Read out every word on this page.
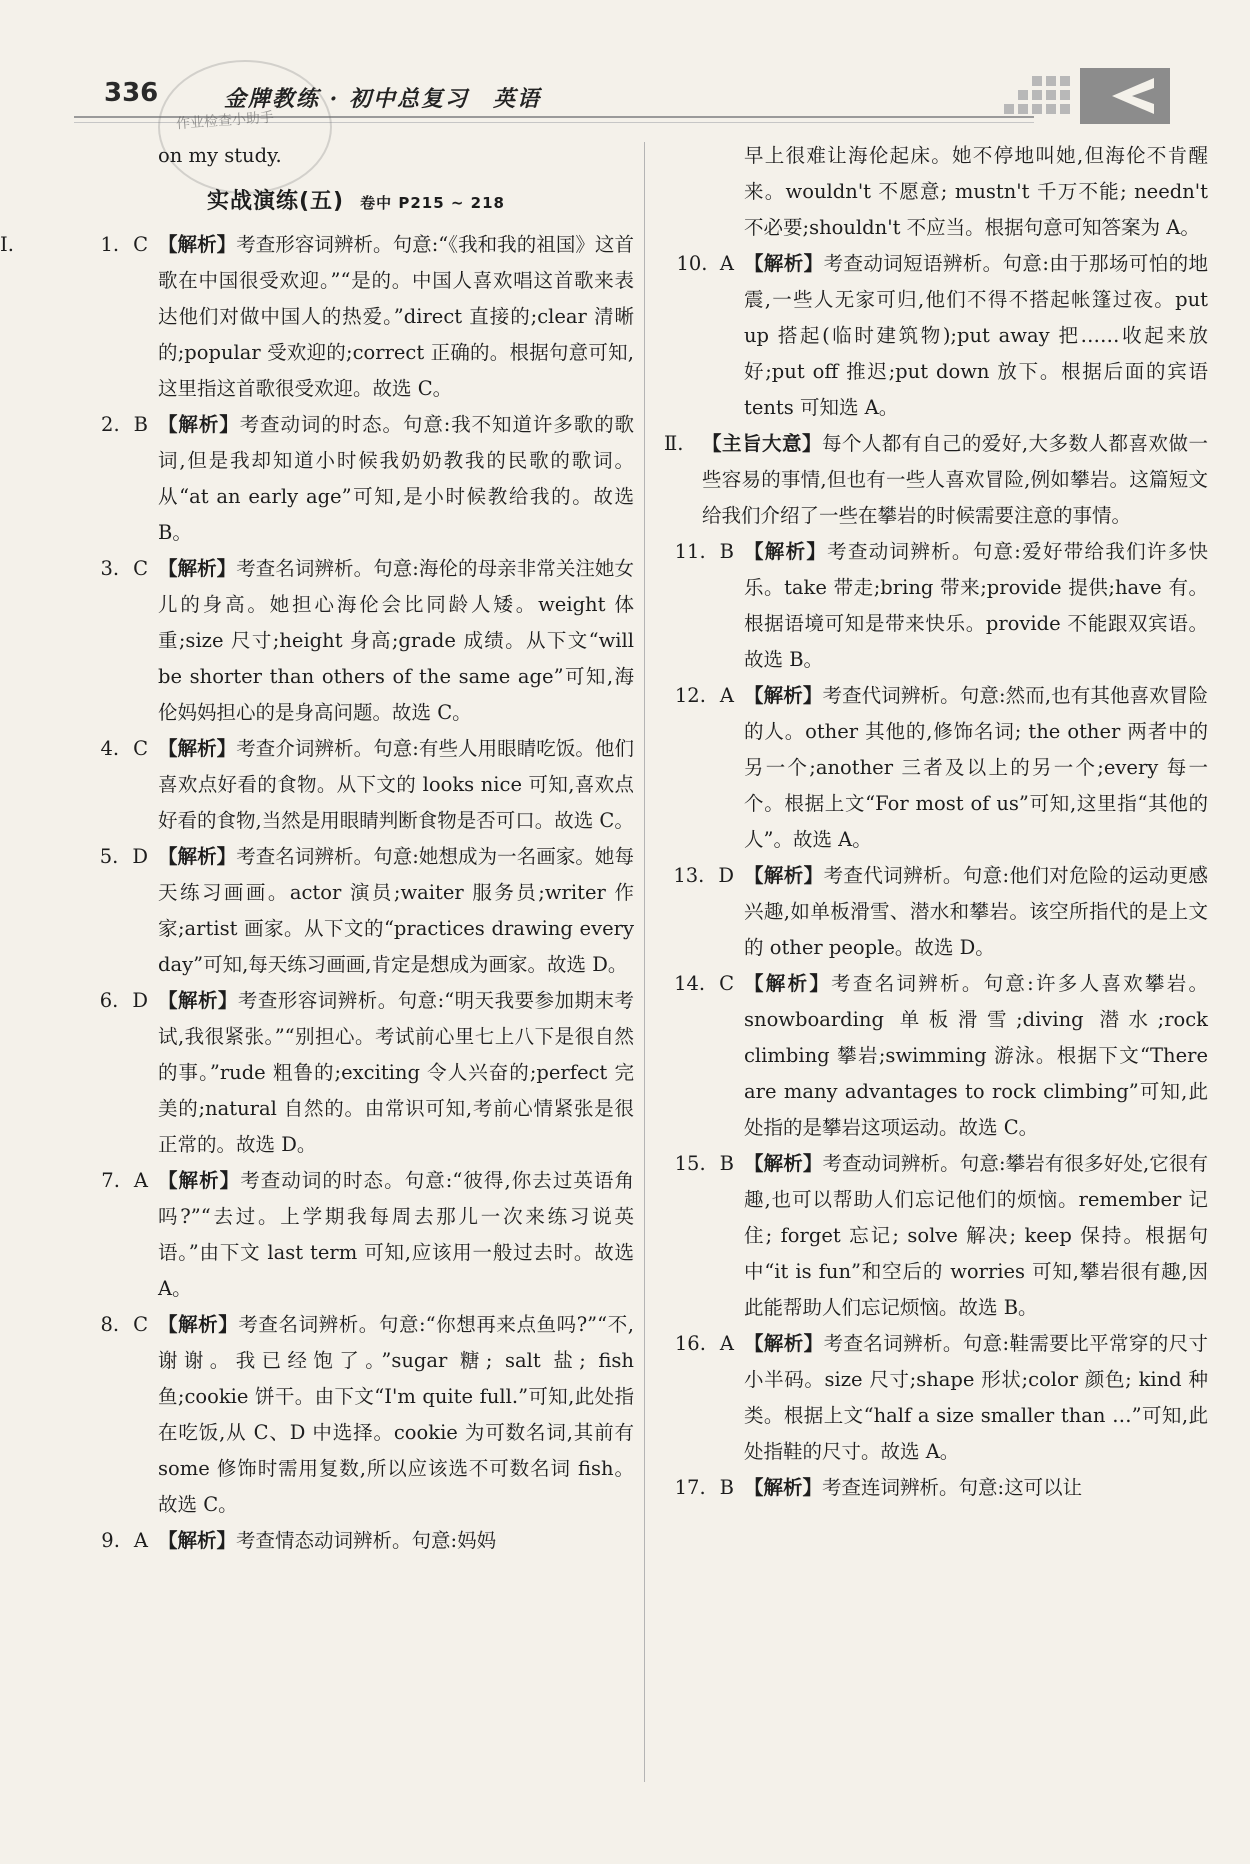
336	金牌教练 · 初中总复习　英语
作业检查小助手
on my study.
实战演练(五) 卷中 P215 ~ 218
Ⅰ.	1. C 【解析】考查形容词辨析。句意:“《我和我的祖国》这首歌在中国很受欢迎。”“是的。中国人喜欢唱这首歌来表达他们对做中国人的热爱。”direct 直接的;clear 清晰的;popular 受欢迎的;correct 正确的。根据句意可知,这里指这首歌很受欢迎。故选 C。
2. B 【解析】考查动词的时态。句意:我不知道许多歌的歌词,但是我却知道小时候我奶奶教我的民歌的歌词。从“at an early age”可知,是小时候教给我的。故选 B。
3. C 【解析】考查名词辨析。句意:海伦的母亲非常关注她女儿的身高。她担心海伦会比同龄人矮。weight 体重;size 尺寸;height 身高;grade 成绩。从下文“will be shorter than others of the same age”可知,海伦妈妈担心的是身高问题。故选 C。
4. C 【解析】考查介词辨析。句意:有些人用眼睛吃饭。他们喜欢点好看的食物。从下文的 looks nice 可知,喜欢点好看的食物,当然是用眼睛判断食物是否可口。故选 C。
5. D 【解析】考查名词辨析。句意:她想成为一名画家。她每天练习画画。actor 演员;waiter 服务员;writer 作家;artist 画家。从下文的“practices drawing every day”可知,每天练习画画,肯定是想成为画家。故选 D。
6. D 【解析】考查形容词辨析。句意:“明天我要参加期末考试,我很紧张。”“别担心。考试前心里七上八下是很自然的事。”rude 粗鲁的;exciting 令人兴奋的;perfect 完美的;natural 自然的。由常识可知,考前心情紧张是很正常的。故选 D。
7. A 【解析】考查动词的时态。句意:“彼得,你去过英语角吗?”“去过。上学期我每周去那儿一次来练习说英语。”由下文 last term 可知,应该用一般过去时。故选 A。
8. C 【解析】考查名词辨析。句意:“你想再来点鱼吗?”“不,谢谢。我已经饱了。”sugar 糖; salt 盐; fish 鱼;cookie 饼干。由下文“I'm quite full.”可知,此处指在吃饭,从 C、D 中选择。cookie 为可数名词,其前有 some 修饰时需用复数,所以应该选不可数名词 fish。故选 C。
9. A 【解析】考查情态动词辨析。句意:妈妈
早上很难让海伦起床。她不停地叫她,但海伦不肯醒来。wouldn't 不愿意; mustn't 千万不能; needn't 不必要;shouldn't 不应当。根据句意可知答案为 A。
10. A 【解析】考查动词短语辨析。句意:由于那场可怕的地震,一些人无家可归,他们不得不搭起帐篷过夜。put up 搭起(临时建筑物);put away 把……收起来放好;put off 推迟;put down 放下。根据后面的宾语 tents 可知选 A。
Ⅱ. 【主旨大意】每个人都有自己的爱好,大多数人都喜欢做一些容易的事情,但也有一些人喜欢冒险,例如攀岩。这篇短文给我们介绍了一些在攀岩的时候需要注意的事情。
11. B 【解析】考查动词辨析。句意:爱好带给我们许多快乐。take 带走;bring 带来;provide 提供;have 有。根据语境可知是带来快乐。provide 不能跟双宾语。故选 B。
12. A 【解析】考查代词辨析。句意:然而,也有其他喜欢冒险的人。other 其他的,修饰名词; the other 两者中的另一个;another 三者及以上的另一个;every 每一个。根据上文“For most of us”可知,这里指“其他的人”。故选 A。
13. D 【解析】考查代词辨析。句意:他们对危险的运动更感兴趣,如单板滑雪、潜水和攀岩。该空所指代的是上文的 other people。故选 D。
14. C 【解析】考查名词辨析。句意:许多人喜欢攀岩。snowboarding 单板滑雪;diving 潜水;rock climbing 攀岩;swimming 游泳。根据下文“There are many advantages to rock climbing”可知,此处指的是攀岩这项运动。故选 C。
15. B 【解析】考查动词辨析。句意:攀岩有很多好处,它很有趣,也可以帮助人们忘记他们的烦恼。remember 记住; forget 忘记; solve 解决; keep 保持。根据句中“it is fun”和空后的 worries 可知,攀岩很有趣,因此能帮助人们忘记烦恼。故选 B。
16. A 【解析】考查名词辨析。句意:鞋需要比平常穿的尺寸小半码。size 尺寸;shape 形状;color 颜色; kind 种类。根据上文“half a size smaller than …”可知,此处指鞋的尺寸。故选 A。
17. B 【解析】考查连词辨析。句意:这可以让
